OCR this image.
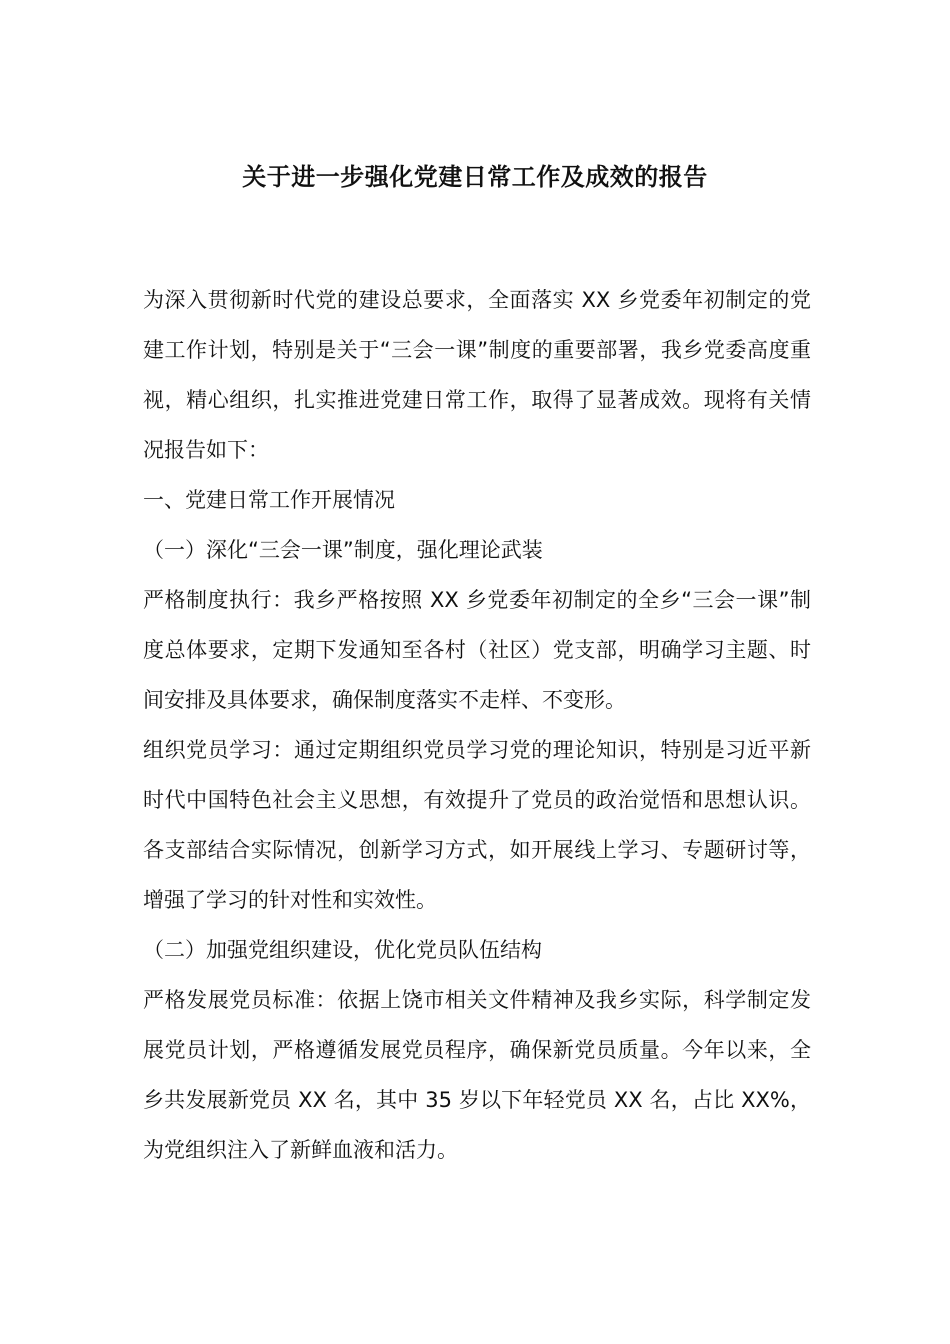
关于进一步强化党建日常工作及成效的报告

为深入贯彻新时代党的建设总要求，全面落实 XX 乡党委年初制定的党建工作计划，特别是关于“三会一课”制度的重要部署，我乡党委高度重视，精心组织，扎实推进党建日常工作，取得了显著成效。现将有关情况报告如下：

一、党建日常工作开展情况

（一）深化“三会一课”制度，强化理论武装

严格制度执行：我乡严格按照 XX 乡党委年初制定的全乡“三会一课”制度总体要求，定期下发通知至各村（社区）党支部，明确学习主题、时间安排及具体要求，确保制度落实不走样、不变形。

组织党员学习：通过定期组织党员学习党的理论知识，特别是习近平新时代中国特色社会主义思想，有效提升了党员的政治觉悟和思想认识。各支部结合实际情况，创新学习方式，如开展线上学习、专题研讨等，增强了学习的针对性和实效性。

（二）加强党组织建设，优化党员队伍结构

严格发展党员标准：依据上饶市相关文件精神及我乡实际，科学制定发展党员计划，严格遵循发展党员程序，确保新党员质量。今年以来，全乡共发展新党员 XX 名，其中 35 岁以下年轻党员 XX 名，占比 XX%，为党组织注入了新鲜血液和活力。
